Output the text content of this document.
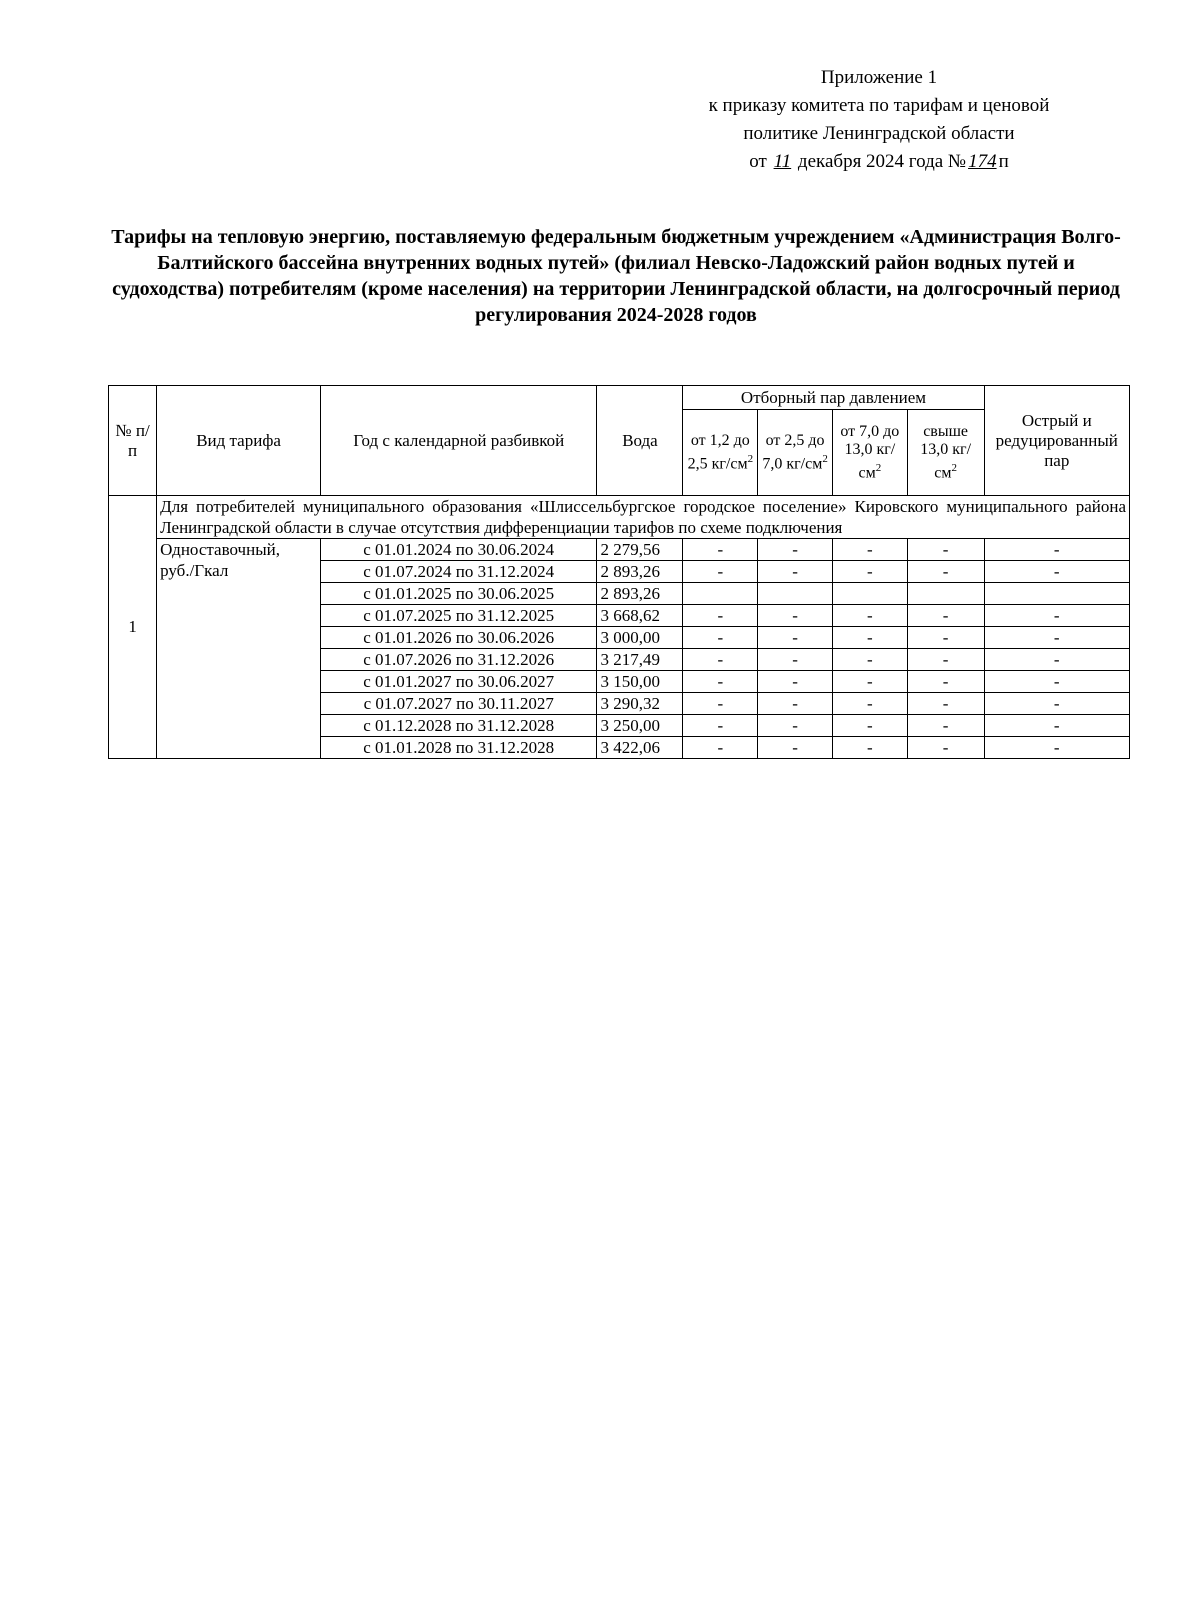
Приложение 1
к приказу комитета по тарифам и ценовой
политике Ленинградской области
от 11 декабря 2024 года № 174 п
Тарифы на тепловую энергию, поставляемую федеральным бюджетным учреждением «Администрация Волго-Балтийского бассейна внутренних водных путей» (филиал Невско-Ладожский район водных путей и судоходства) потребителям (кроме населения) на территории Ленинградской области, на долгосрочный период регулирования 2024-2028 годов
№ п/п	Вид тарифа	Год с календарной разбивкой	Вода	Отборный пар давлением				Острый и редуцированный пар
				от 1,2 до 2,5 $кг/см^2$	от 2,5 до 7,0 $кг/см^2$	от 7,0 до 13,0 $кг/см^2$	свыше 13,0 $кг/см^2$
1	Для потребителей муниципального образования «Шлиссельбургское городское поселение» Кировского муниципального района Ленинградской области в случае отсутствия дифференциации тарифов по схеме подключения							
	Одноставочный, руб./Гкал	с 01.01.2024 по 30.06.2024	2 279,56	-	-	-	-	-
		с 01.07.2024 по 31.12.2024	2 893,26	-	-	-	-	-
		с 01.01.2025 по 30.06.2025	2 893,26					
		с 01.07.2025 по 31.12.2025	3 668,62	-	-	-	-	-
		с 01.01.2026 по 30.06.2026	3 000,00	-	-	-	-	-
		с 01.07.2026 по 31.12.2026	3 217,49	-	-	-	-	-
		с 01.01.2027 по 30.06.2027	3 150,00	-	-	-	-	-
		с 01.07.2027 по 30.11.2027	3 290,32	-	-	-	-	-
		с 01.12.2028 по 31.12.2028	3 250,00	-	-	-	-	-
		с 01.01.2028 по 31.12.2028	3 422,06	-	-	-	-	-
